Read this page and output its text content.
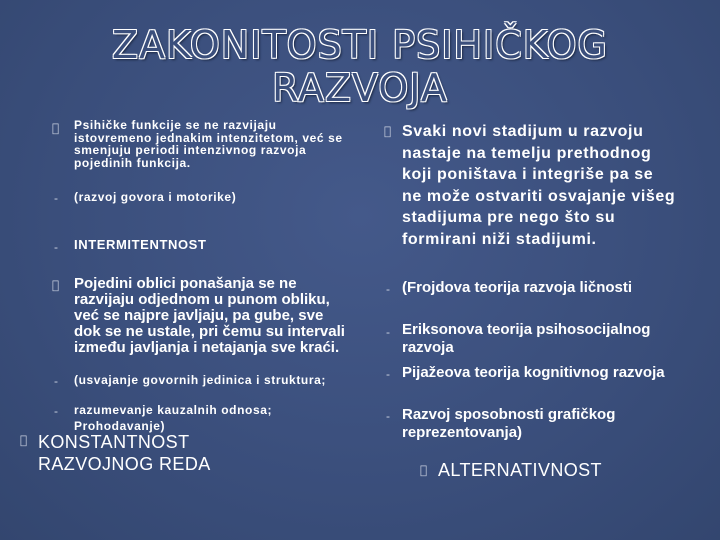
ZAKONITOSTI PSIHIČKOG RAZVOJA
Psihičke funkcije se ne razvijaju istovremeno jednakim intenzitetom, već se smenjuju periodi intenzivnog razvoja pojedinih funkcija.
- (razvoj govora i motorike)
- INTERMITENTNOST
Pojedini oblici ponašanja se ne razvijaju odjednom u punom obliku, već se najpre javljaju, pa gube, sve dok se ne ustale, pri čemu su intervali između javljanja i netajanja sve kraći.
- (usvajanje govornih jedinica i struktura;
- razumevanje kauzalnih odnosa;
Prohodavanje)
KONSTANTNOST
RAZVOJNOG REDA
Svaki novi stadijum u razvoju nastaje na temelju prethodnog koji poništava i integriše pa se ne može ostvariti osvajanje višeg stadijuma pre nego što su formirani niži stadijumi.
- (Frojdova teorija razvoja ličnosti
- Eriksonova teorija psihosocijalnog razvoja
- Pijažeova teorija kognitivnog razvoja
- Razvoj sposobnosti grafičkog reprezentovanja)
ALTERNATIVNOST
